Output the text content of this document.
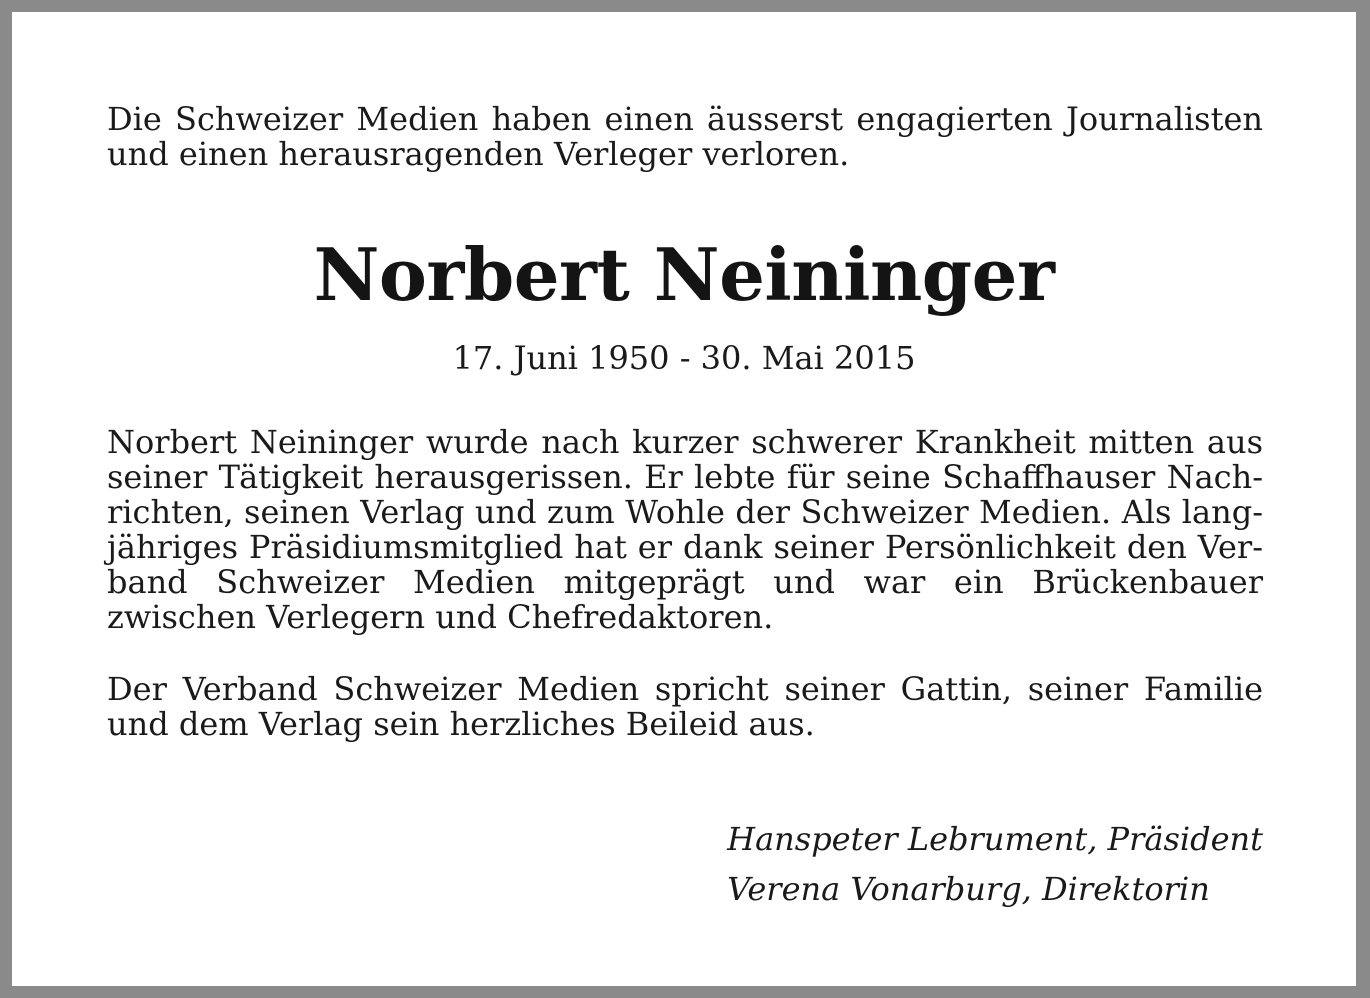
Die Schweizer Medien haben einen äusserst engagierten Journalisten und einen herausragenden Verleger verloren.

Norbert Neininger
17. Juni 1950 - 30. Mai 2015

Norbert Neininger wurde nach kurzer schwerer Krankheit mitten aus seiner Tätigkeit herausgerissen. Er lebte für seine Schaffhauser Nachrichten, seinen Verlag und zum Wohle der Schweizer Medien. Als langjähriges Präsidiumsmitglied hat er dank seiner Persönlichkeit den Verband Schweizer Medien mitgeprägt und war ein Brückenbauer zwischen Verlegern und Chefredaktoren.

Der Verband Schweizer Medien spricht seiner Gattin, seiner Familie und dem Verlag sein herzliches Beileid aus.

Hanspeter Lebrument, Präsident
Verena Vonarburg, Direktorin
